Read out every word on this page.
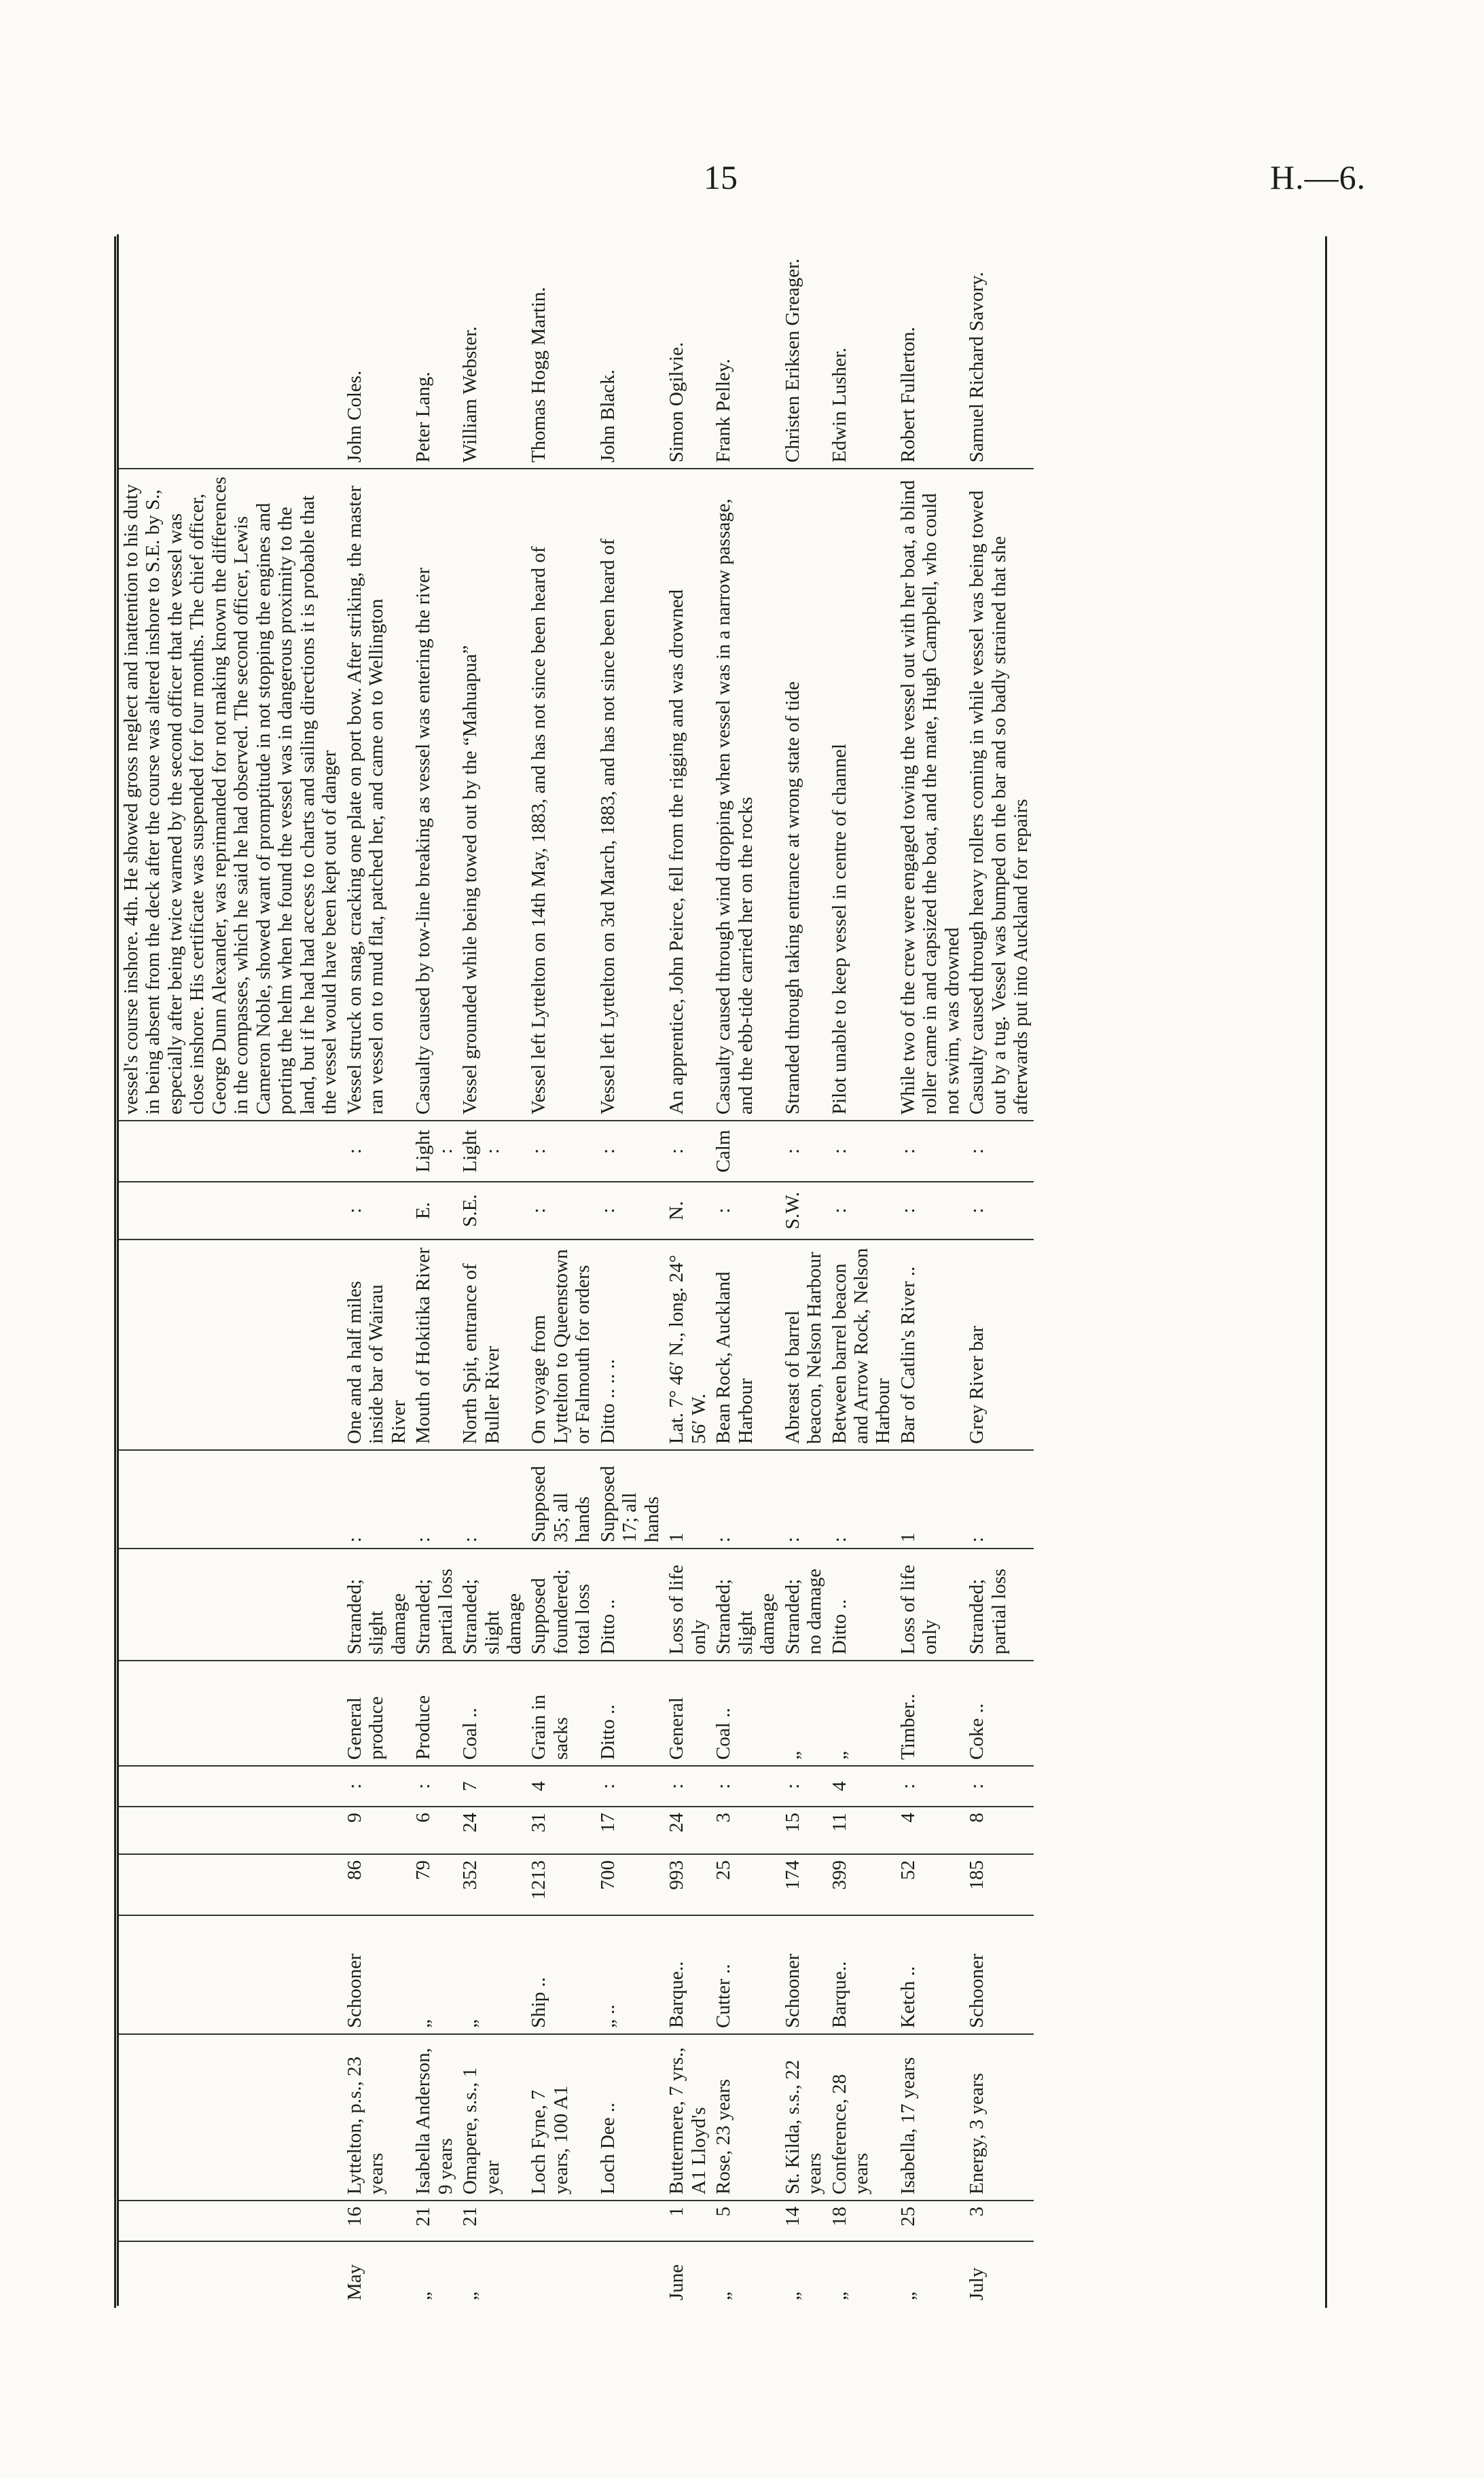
15	H.—6.

													vessel's course inshore. 4th. He showed gross neglect and inattention to his duty in being absent from the deck after the course was altered inshore to S.E. by S., especially after being twice warned by the second officer that the vessel was close inshore. His certificate was suspended for four months. The chief officer, George Dunn Alexander, was reprimanded for not making known the differences in the compasses, which he said he had observed. The second officer, Lewis Cameron Noble, showed want of promptitude in not stopping the engines and porting the helm when he found the vessel was in dangerous proximity to the land, but if he had had access to charts and sailing directions it is probable that the vessel would have been kept out of danger	
May	16	Lyttelton, p.s., 23 years	Schooner	86	9	:	General produce	Stranded; slight damage	:	One and a half miles inside bar of Wairau River	:	:	Vessel struck on snag, cracking one plate on port bow. After striking, the master ran vessel on to mud flat, patched her, and came on to Wellington	John Coles.
„	21	Isabella Anderson, 9 years	„	79	6	:	Produce	Stranded; partial loss	:	Mouth of Hokitika River	E.	Light :	Casualty caused by tow-line breaking as vessel was entering the river	Peter Lang.
„	21	Omapere, s.s., 1 year	„	352	24	7	Coal ..	Stranded; slight damage	:	North Spit, entrance of Buller River	S.E.	Light :	Vessel grounded while being towed out by the “Mahuapua”	William Webster.
		Loch Fyne, 7 years, 100 A1	Ship ..	1213	31	4	Grain in sacks	Supposed foundered; total loss	Supposed 35; all hands	On voyage from Lyttelton to Queenstown or Falmouth for orders	:	:	Vessel left Lyttelton on 14th May, 1883, and has not since been heard of	Thomas Hogg Martin.
		Loch Dee ..	„ ..	700	17	:	Ditto ..	Ditto ..	Supposed 17; all hands	Ditto .. .. ..	:	:	Vessel left Lyttelton on 3rd March, 1883, and has not since been heard of	John Black.
June	1	Buttermere, 7 yrs., A1 Lloyd's	Barque..	993	24	:	General	Loss of life only	1	Lat. 7° 46′ N., long. 24° 56′ W.	N.	:	An apprentice, John Peirce, fell from the rigging and was drowned	Simon Ogilvie.
„	5	Rose, 23 years	Cutter ..	25	3	:	Coal ..	Stranded; slight damage	:	Bean Rock, Auckland Harbour	:	Calm	Casualty caused through wind dropping when vessel was in a narrow passage, and the ebb-tide carried her on the rocks	Frank Pelley.
„	14	St. Kilda, s.s., 22 years	Schooner	174	15	:	„	Stranded; no damage	:	Abreast of barrel beacon, Nelson Harbour	S.W.	:	Stranded through taking entrance at wrong state of tide	Christen Eriksen Greager.
„	18	Conference, 28 years	Barque..	399	11	4	„	Ditto ..	:	Between barrel beacon and Arrow Rock, Nelson Harbour	:	:	Pilot unable to keep vessel in centre of channel	Edwin Lusher.
„	25	Isabella, 17 years	Ketch ..	52	4	:	Timber..	Loss of life only	1	Bar of Catlin's River ..	:	:	While two of the crew were engaged towing the vessel out with her boat, a blind roller came in and capsized the boat, and the mate, Hugh Campbell, who could not swim, was drowned	Robert Fullerton.
July	3	Energy, 3 years	Schooner	185	8	:	Coke ..	Stranded; partial loss	:	Grey River bar	:	:	Casualty caused through heavy rollers coming in while vessel was being towed out by a tug. Vessel was bumped on the bar and so badly strained that she afterwards put into Auckland for repairs	Samuel Richard Savory.
